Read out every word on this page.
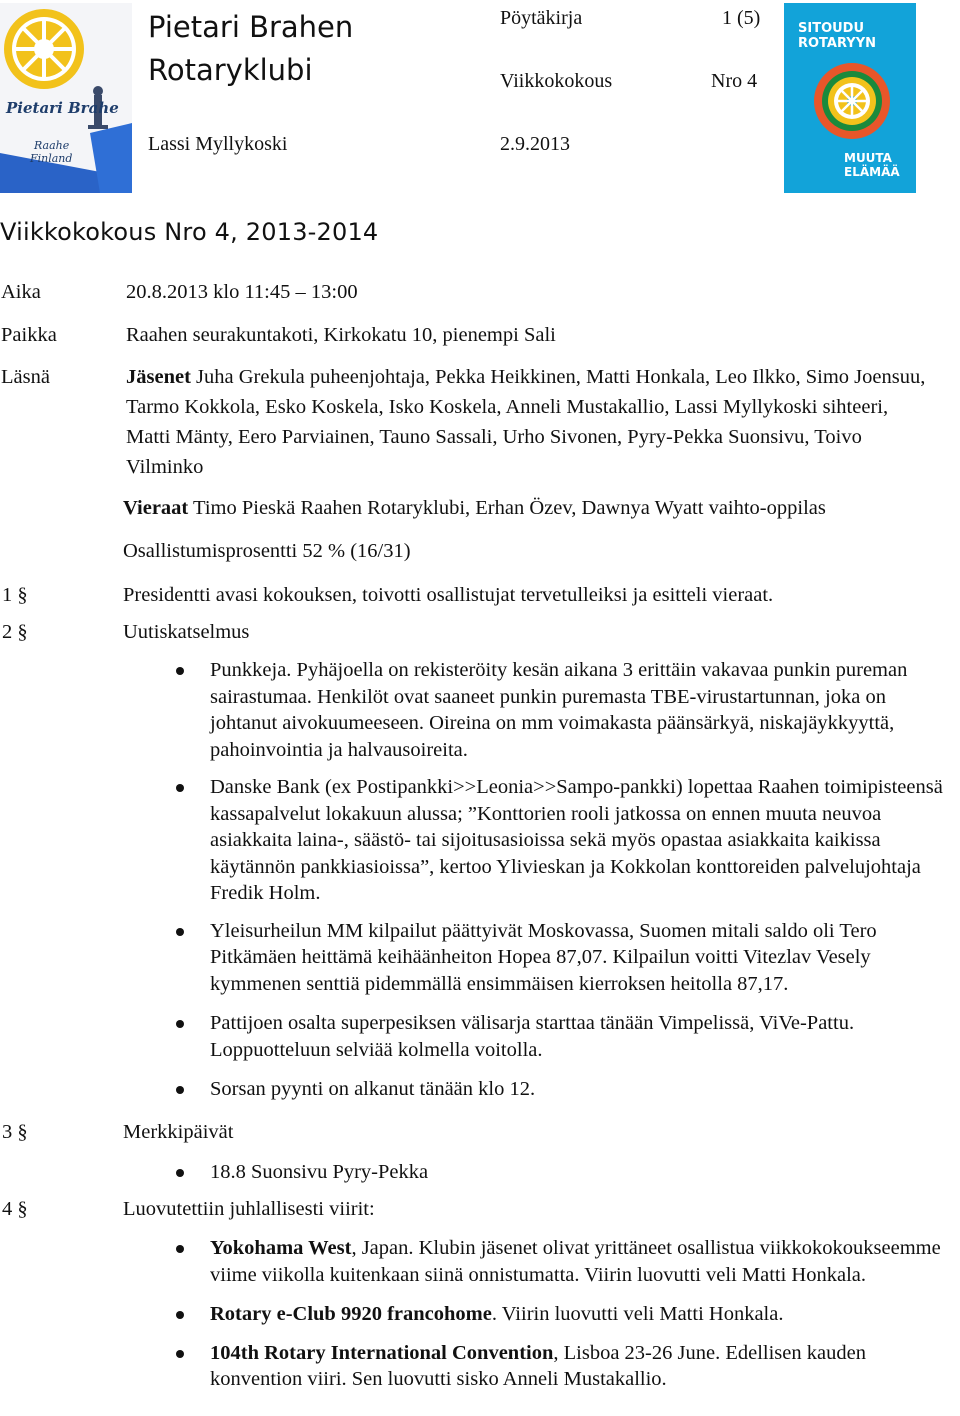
Pietari Brahe
Raahe
Finland
Pietari Brahen Rotaryklubi
Pöytäkirja	1 (5)
Viikkokokous	Nro 4
Lassi Myllykoski	2.9.2013
SITOUDU
ROTARYYN
MUUTA
ELÄMÄÄ
Viikkokokous Nro 4, 2013-2014
Aika	20.8.2013 klo 11:45 – 13:00
Paikka	Raahen seurakuntakoti, Kirkokatu 10, pienempi Sali
Läsnä	Jäsenet Juha Grekula puheenjohtaja, Pekka Heikkinen, Matti Honkala, Leo Ilkko, Simo Joensuu, Tarmo Kokkola, Esko Koskela, Isko Koskela, Anneli Mustakallio, Lassi Myllykoski sihteeri, Matti Mänty, Eero Parviainen, Tauno Sassali, Urho Sivonen, Pyry-Pekka Suonsivu, Toivo Vilminko
Vieraat Timo Pieskä Raahen Rotaryklubi, Erhan Özev, Dawnya Wyatt vaihto-oppilas
Osallistumisprosentti 52 % (16/31)
1 §	Presidentti avasi kokouksen, toivotti osallistujat tervetulleiksi ja esitteli vieraat.
2 §	Uutiskatselmus
Punkkeja. Pyhäjoella on rekisteröity kesän aikana 3 erittäin vakavaa punkin pureman sairastumaa. Henkilöt ovat saaneet punkin puremasta TBE-virustartunnan, joka on johtanut aivokuumeeseen. Oireina on mm voimakasta päänsärkyä, niskajäykkyyttä, pahoinvointia ja halvausoireita.
Danske Bank (ex Postipankki>>Leonia>>Sampo-pankki) lopettaa Raahen toimipisteensä kassapalvelut lokakuun alussa; ”Konttorien rooli jatkossa on ennen muuta neuvoa asiakkaita laina-, säästö- tai sijoitusasioissa sekä myös opastaa asiakkaita kaikissa käytännön pankkiasioissa”, kertoo Ylivieskan ja Kokkolan konttoreiden palvelujohtaja Fredik Holm.
Yleisurheilun MM kilpailut päättyivät Moskovassa, Suomen mitali saldo oli Tero Pitkämäen heittämä keihäänheiton Hopea 87,07. Kilpailun voitti Vitezlav Vesely kymmenen senttiä pidemmällä ensimmäisen kierroksen heitolla 87,17.
Pattijoen osalta superpesiksen välisarja starttaa tänään Vimpelissä, ViVe-Pattu. Loppuotteluun selviää kolmella voitolla.
Sorsan pyynti on alkanut tänään klo 12.
3 §	Merkkipäivät
18.8 Suonsivu Pyry-Pekka
4 §	Luovutettiin juhlallisesti viirit:
Yokohama West, Japan. Klubin jäsenet olivat yrittäneet osallistua viikkokokoukseemme viime viikolla kuitenkaan siinä onnistumatta. Viirin luovutti veli Matti Honkala.
Rotary e-Club 9920 francohome. Viirin luovutti veli Matti Honkala.
104th Rotary International Convention, Lisboa 23-26 June. Edellisen kauden konvention viiri. Sen luovutti sisko Anneli Mustakallio.
